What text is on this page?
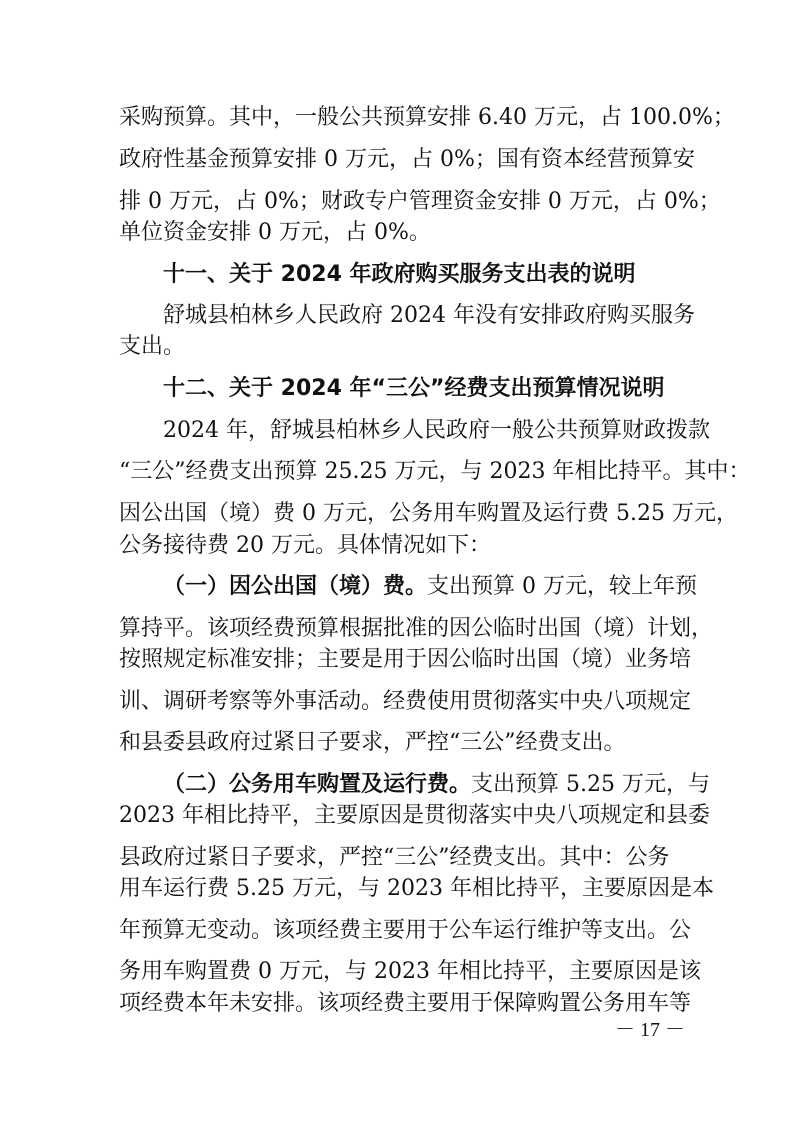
采购预算。其中，一般公共预算安排 6.40 万元，占 100.0%；
政府性基金预算安排 0 万元，占 0%；国有资本经营预算安
排 0 万元，占 0%；财政专户管理资金安排 0 万元，占 0%；
单位资金安排 0 万元，占 0%。
十一、关于 2024 年政府购买服务支出表的说明
舒城县柏林乡人民政府 2024 年没有安排政府购买服务
支出。
十二、关于 2024 年“三公”经费支出预算情况说明
2024 年，舒城县柏林乡人民政府一般公共预算财政拨款
“三公”经费支出预算 25.25 万元，与 2023 年相比持平。其中：
因公出国（境）费 0 万元，公务用车购置及运行费 5.25 万元，
公务接待费 20 万元。具体情况如下：
（一）因公出国（境）费。支出预算 0 万元，较上年预
算持平。该项经费预算根据批准的因公临时出国（境）计划，
按照规定标准安排；主要是用于因公临时出国（境）业务培
训、调研考察等外事活动。经费使用贯彻落实中央八项规定
和县委县政府过紧日子要求，严控“三公”经费支出。
（二）公务用车购置及运行费。支出预算 5.25 万元，与
2023 年相比持平，主要原因是贯彻落实中央八项规定和县委
县政府过紧日子要求，严控“三公”经费支出。其中：公务
用车运行费 5.25 万元，与 2023 年相比持平，主要原因是本
年预算无变动。该项经费主要用于公车运行维护等支出。公
务用车购置费 0 万元，与 2023 年相比持平，主要原因是该
项经费本年未安排。该项经费主要用于保障购置公务用车等
－ 17 －
